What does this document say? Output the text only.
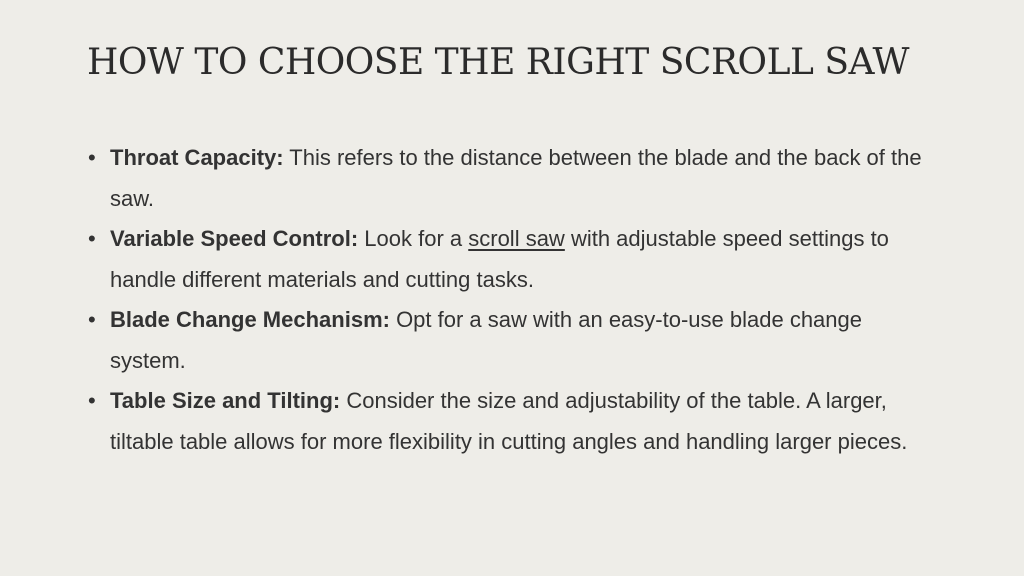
HOW TO CHOOSE THE RIGHT SCROLL SAW
• Throat Capacity: This refers to the distance between the blade and the back of the saw.
• Variable Speed Control: Look for a scroll saw with adjustable speed settings to handle different materials and cutting tasks.
• Blade Change Mechanism: Opt for a saw with an easy-to-use blade change system.
• Table Size and Tilting: Consider the size and adjustability of the table. A larger, tiltable table allows for more flexibility in cutting angles and handling larger pieces.
